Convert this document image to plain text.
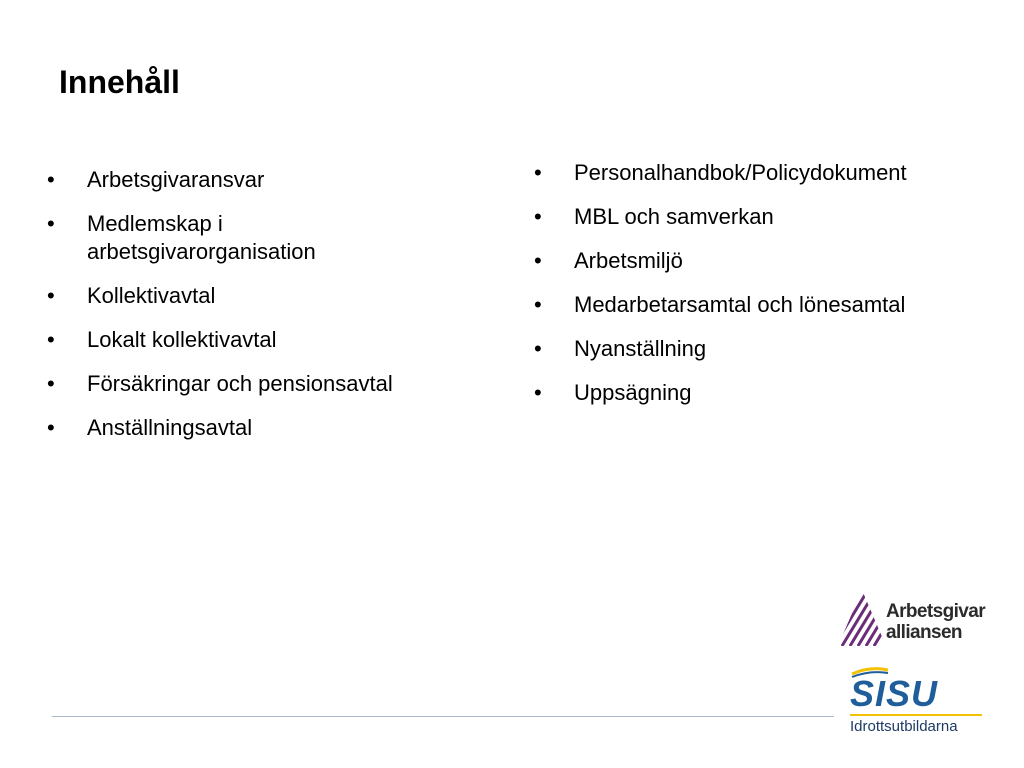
Innehåll
•	Arbetsgivaransvar
•	Medlemskap i arbetsgivarorganisation
•	Kollektivavtal
•	Lokalt kollektivavtal
•	Försäkringar och pensionsavtal
•	Anställningsavtal
•	Personalhandbok/Policydokument
•	MBL och samverkan
•	Arbetsmiljö
•	Medarbetarsamtal och lönesamtal
•	Nyanställning
•	Uppsägning
Arbetsgivar
alliansen
SISU
Idrottsutbildarna
